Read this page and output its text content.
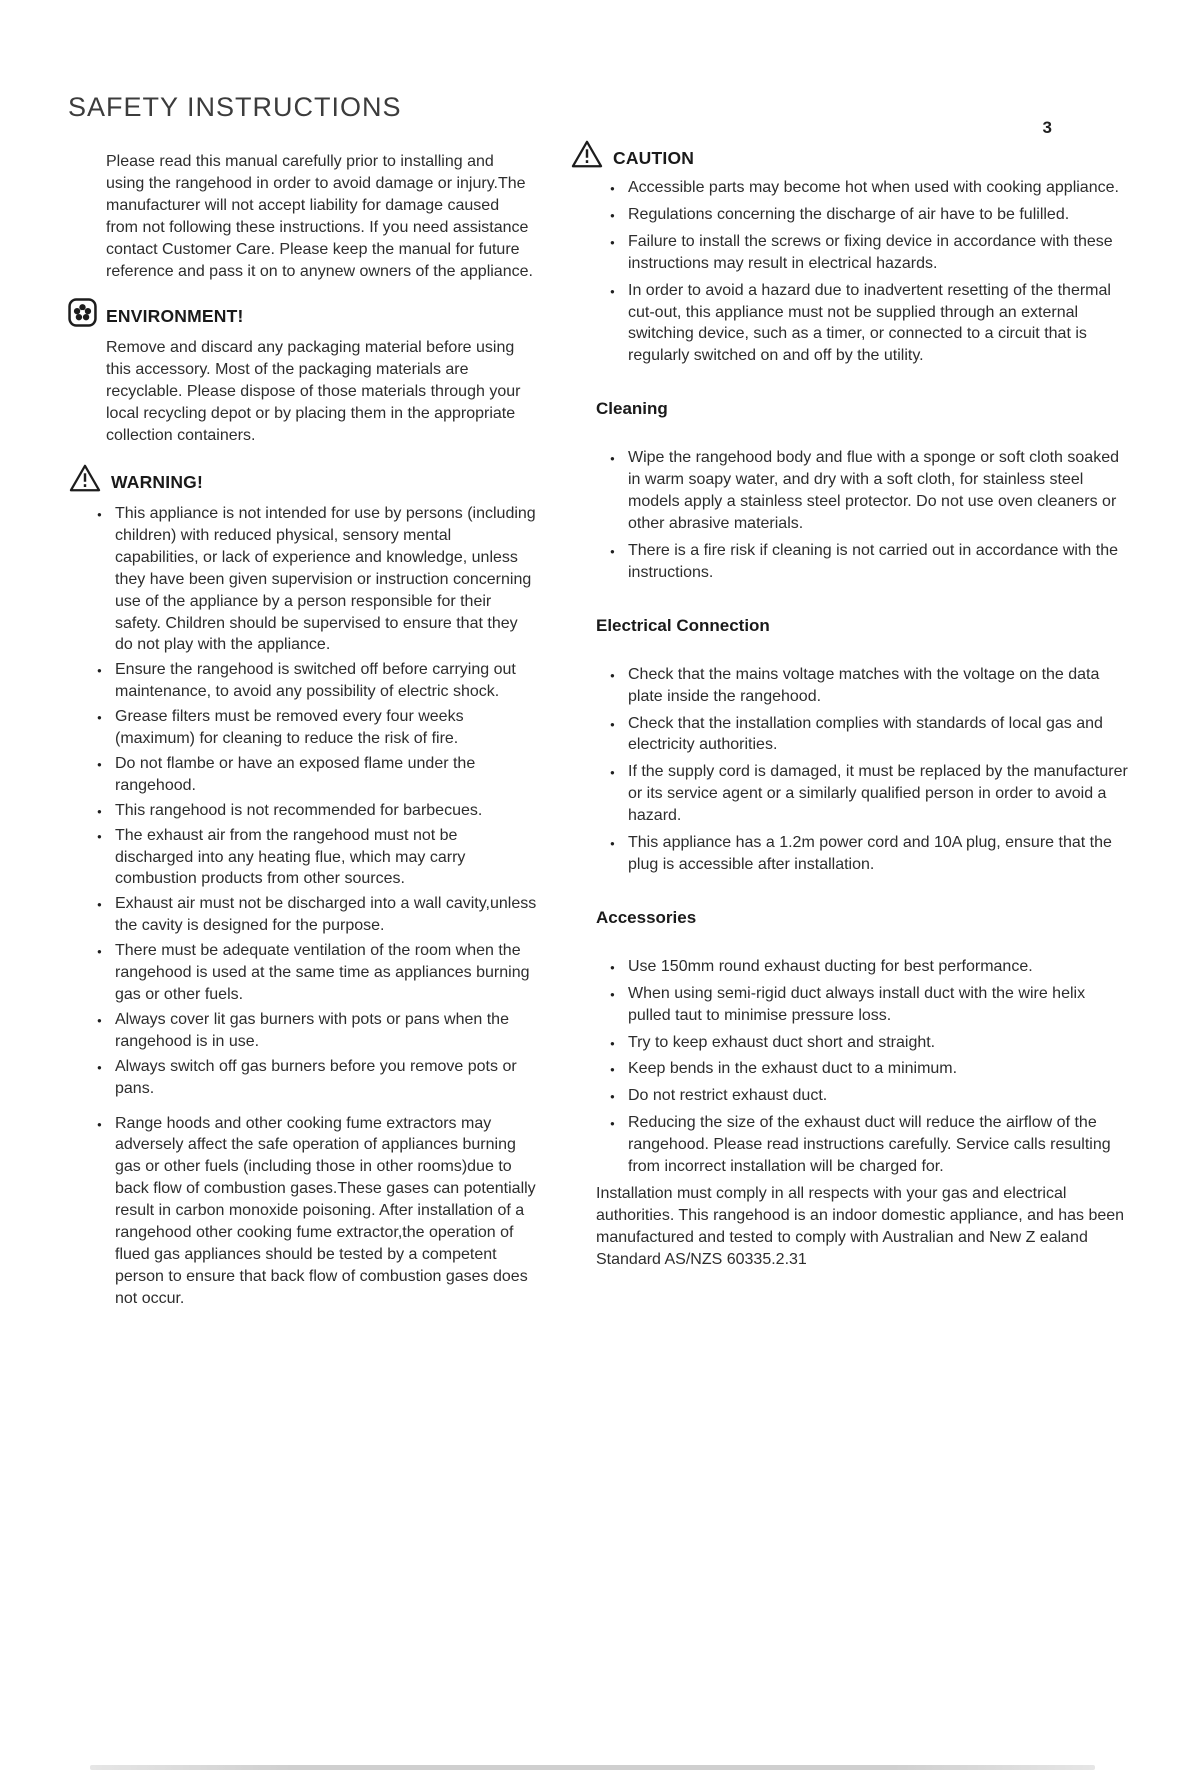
3
SAFETY INSTRUCTIONS

Please read this manual carefully prior to installing and using the rangehood in order to avoid damage or injury.The manufacturer will not accept liability for damage caused from not following these instructions. If you need assistance contact Customer Care. Please keep the manual for future reference and pass it on to anynew owners of the appliance.

ENVIRONMENT!

Remove and discard any packaging material before using this accessory. Most of the packaging materials are recyclable. Please dispose of those materials through your local recycling depot or by placing them in the appropriate collection containers.

WARNING!
● This appliance is not intended for use by persons (including children) with reduced physical, sensory mental capabilities, or lack of experience and knowledge, unless they have been given supervision or instruction concerning use of the appliance by a person responsible for their safety. Children should be supervised to ensure that they do not play with the appliance.
● Ensure the rangehood is switched off before carrying out maintenance, to avoid any possibility of electric shock.
● Grease filters must be removed every four weeks (maximum) for cleaning to reduce the risk of fire.
● Do not flambe or have an exposed flame under the rangehood.
● This rangehood is not recommended for barbecues.
● The exhaust air from the rangehood must not be discharged into any heating flue, which may carry combustion products from other sources.
● Exhaust air must not be discharged into a wall cavity,unless the cavity is designed for the purpose.
● There must be adequate ventilation of the room when the rangehood is used at the same time as appliances burning gas or other fuels.
● Always cover lit gas burners with pots or pans when the rangehood is in use.
● Always switch off gas burners before you remove pots or pans.
● Range hoods and other cooking fume extractors may adversely affect the safe operation of appliances burning gas or other fuels (including those in other rooms)due to back flow of combustion gases.These gases can potentially result in carbon monoxide poisoning. After installation of a rangehood other cooking fume extractor,the operation of flued gas appliances should be tested by a competent person to ensure that back flow of combustion gases does not occur.
CAUTION
● Accessible parts may become hot when used with cooking appliance.
● Regulations concerning the discharge of air have to be fulilled.
● Failure to install the screws or fixing device in accordance with these instructions may result in electrical hazards.
● In order to avoid a hazard due to inadvertent resetting of the thermal cut-out, this appliance must not be supplied through an external switching device, such as a timer, or connected to a circuit that is regularly switched on and off by the utility.
Cleaning
● Wipe the rangehood body and flue with a sponge or soft cloth soaked in warm soapy water, and dry with a soft cloth, for stainless steel models apply a stainless steel protector. Do not use oven cleaners or other abrasive materials.
● There is a fire risk if cleaning is not carried out in accordance with the instructions.
Electrical Connection
● Check that the mains voltage matches with the voltage on the data plate inside the rangehood.
● Check that the installation complies with standards of local gas and electricity authorities.
● If the supply cord is damaged, it must be replaced by the manufacturer or its service agent or a similarly qualified person in order to avoid a hazard.
● This appliance has a 1.2m power cord and 10A plug, ensure that the plug is accessible after installation.
Accessories
● Use 150mm round exhaust ducting for best performance.
● When using semi-rigid duct always install duct with the wire helix pulled taut to minimise pressure loss.
● Try to keep exhaust duct short and straight.
● Keep bends in the exhaust duct to a minimum.
● Do not restrict exhaust duct.
● Reducing the size of the exhaust duct will reduce the airflow of the rangehood. Please read instructions carefully. Service calls resulting from incorrect installation will be charged for.

Installation must comply in all respects with your gas and electrical authorities. This rangehood is an indoor domestic appliance, and has been manufactured and tested to comply with Australian and New Z ealand Standard AS/NZS 60335.2.31
